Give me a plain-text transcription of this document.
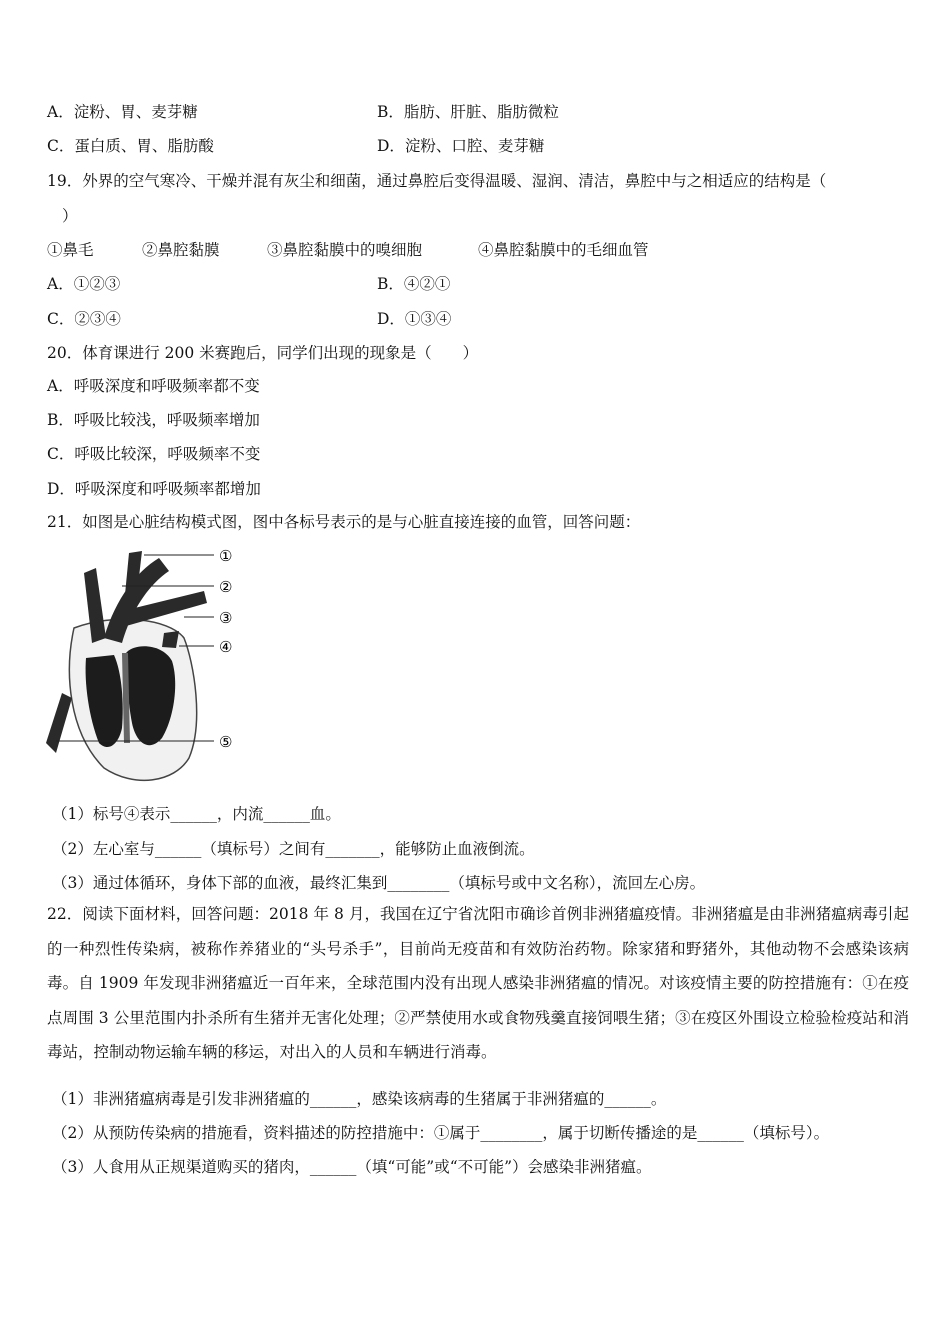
A．淀粉、胃、麦芽糖	B．脂肪、肝脏、脂肪微粒
C．蛋白质、胃、脂肪酸	D．淀粉、口腔、麦芽糖
19．外界的空气寒冷、干燥并混有灰尘和细菌，通过鼻腔后变得温暖、湿润、清洁，鼻腔中与之相适应的结构是（
）
①鼻毛	②鼻腔黏膜	③鼻腔黏膜中的嗅细胞	④鼻腔黏膜中的毛细血管
A．①②③	B．④②①
C．②③④	D．①③④
20．体育课进行 200 米赛跑后，同学们出现的现象是（　　）
A．呼吸深度和呼吸频率都不变
B．呼吸比较浅，呼吸频率增加
C．呼吸比较深，呼吸频率不变
D．呼吸深度和呼吸频率都增加
21．如图是心脏结构模式图，图中各标号表示的是与心脏直接连接的血管，回答问题：
①
②
③
④
⑤
（1）标号④表示______，内流______血。
（2）左心室与______（填标号）之间有_______，能够防止血液倒流。
（3）通过体循环，身体下部的血液，最终汇集到________（填标号或中文名称），流回左心房。
22．阅读下面材料，回答问题：2018 年 8 月，我国在辽宁省沈阳市确诊首例非洲猪瘟疫情。非洲猪瘟是由非洲猪瘟病毒引起的一种烈性传染病，被称作养猪业的“头号杀手”，目前尚无疫苗和有效防治药物。除家猪和野猪外，其他动物不会感染该病毒。自 1909 年发现非洲猪瘟近一百年来，全球范围内没有出现人感染非洲猪瘟的情况。对该疫情主要的防控措施有：①在疫点周围 3 公里范围内扑杀所有生猪并无害化处理；②严禁使用水或食物残羹直接饲喂生猪；③在疫区外围设立检验检疫站和消毒站，控制动物运输车辆的移运，对出入的人员和车辆进行消毒。
（1）非洲猪瘟病毒是引发非洲猪瘟的______，感染该病毒的生猪属于非洲猪瘟的______。
（2）从预防传染病的措施看，资料描述的防控措施中：①属于________，属于切断传播途的是______（填标号）。
（3）人食用从正规渠道购买的猪肉，______（填“可能”或“不可能”）会感染非洲猪瘟。
